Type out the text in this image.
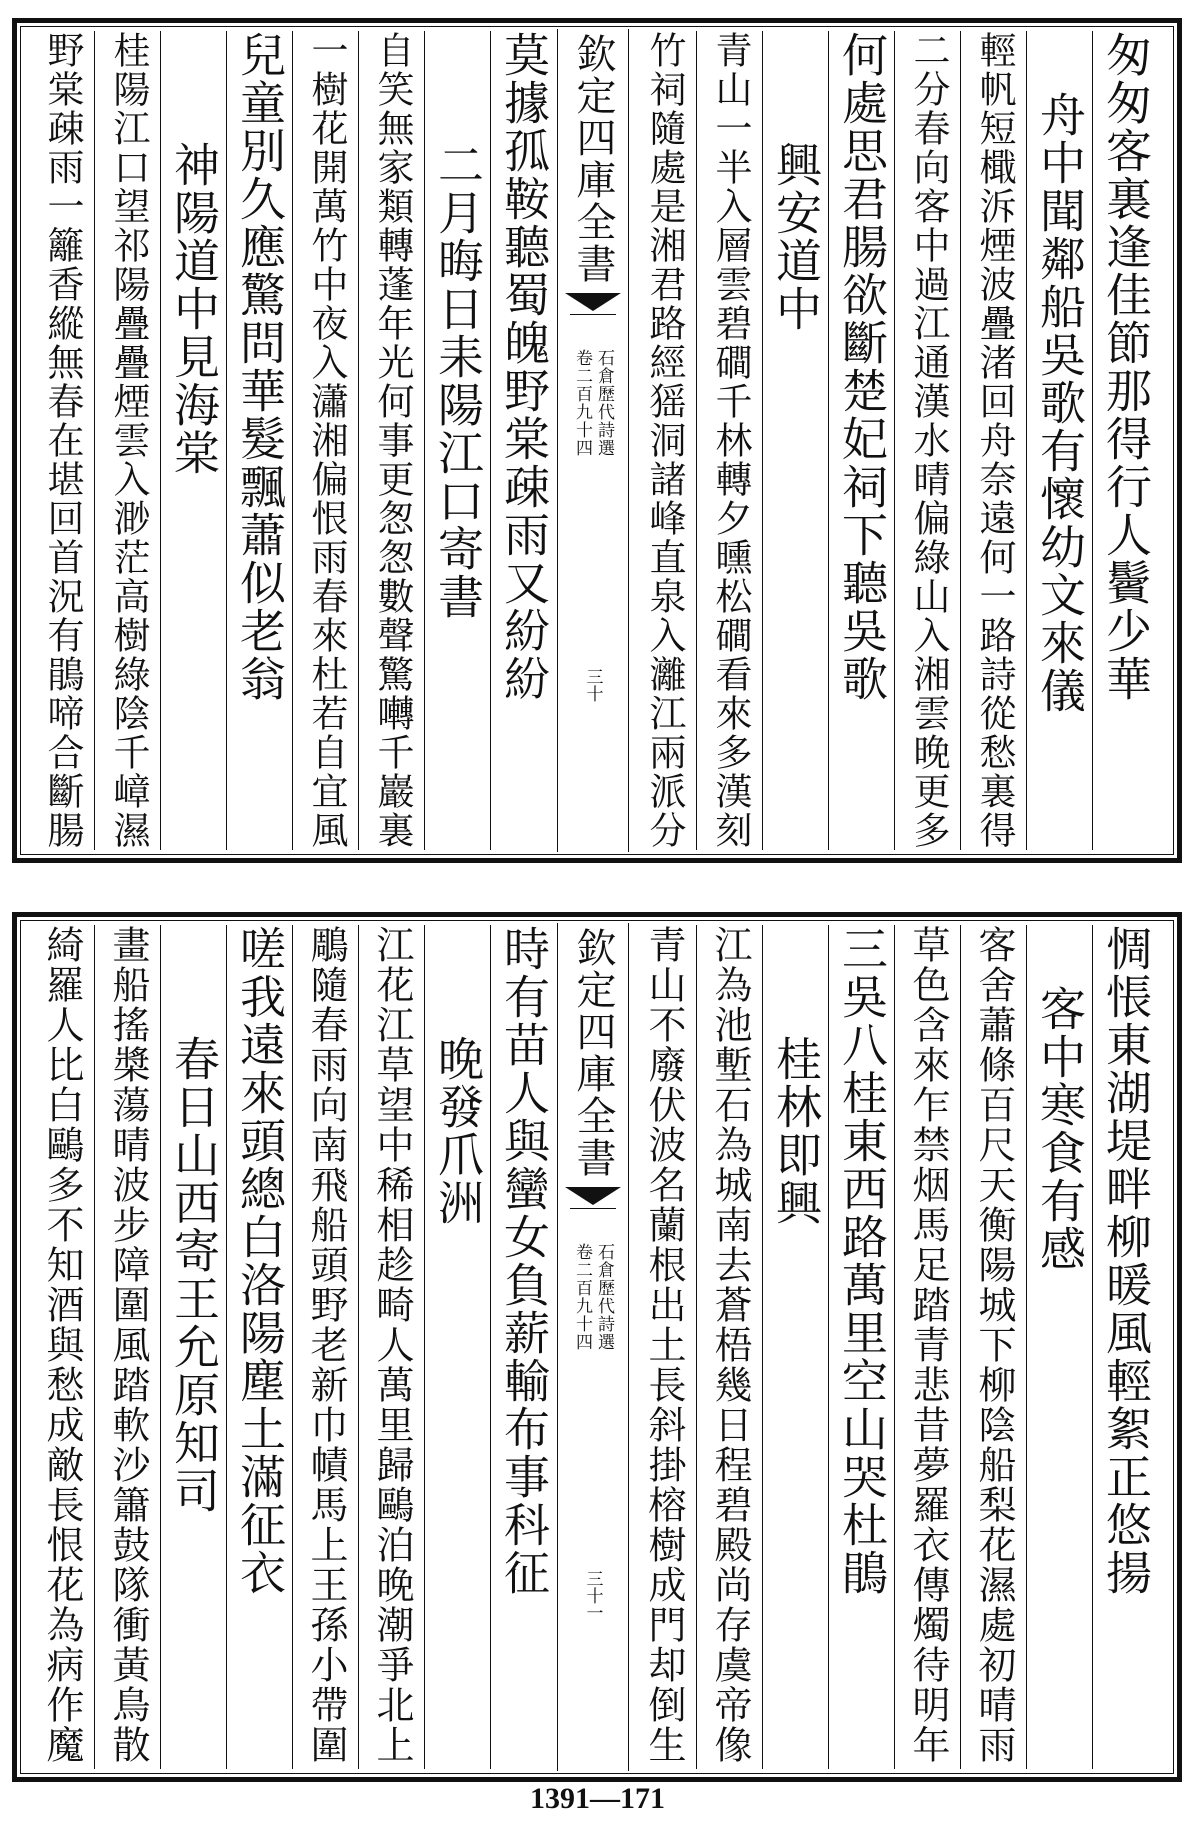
匆匆客裏逢佳節那得行人鬢少華
舟中聞鄰船吳歌有懷幼文來儀
輕帆短檝泝煙波疊渚回舟奈遠何一路詩從愁裏得
二分春向客中過江通漢水晴偏綠山入湘雲晚更多
何處思君腸欲斷楚妃祠下聽吳歌
興安道中
青山一半入層雲碧磵千林轉夕曛松磵看來多漢刻
竹祠隨處是湘君路經猺洞諸峰直泉入灕江兩派分
欽定四庫全書
石倉歷代詩選
卷二百九十四
三十
莫據孤鞍聽蜀魄野棠疎雨又紛紛
二月晦日耒陽江口寄書
自笑無家類轉蓬年光何事更怱怱數聲驚囀千巖裏
一樹花開萬竹中夜入瀟湘偏恨雨春來杜若自宜風
兒童別久應驚問華髮飄蕭似老翁
神陽道中見海棠
桂陽江口望祁陽疊疊煙雲入渺茫高樹綠陰千嶂濕
野棠疎雨一籬香縱無春在堪回首況有鵑啼合斷腸
惆悵東湖堤畔柳暖風輕絮正悠揚
客中寒食有感
客舍蕭條百尺天衡陽城下柳陰船梨花濕處初晴雨
草色含來乍禁烟馬足踏青悲昔夢羅衣傳燭待明年
三吳八桂東西路萬里空山哭杜鵑
桂林即興
江為池塹石為城南去蒼梧幾日程碧殿尚存虞帝像
青山不廢伏波名蘭根出土長斜掛榕樹成門却倒生
欽定四庫全書
石倉歷代詩選
卷二百九十四
三十一
時有苗人與蠻女負薪輸布事科征
晚發爪洲
江花江草望中稀相趁畸人萬里歸鷗泊晚潮爭北上
鵰隨春雨向南飛船頭野老新巾幘馬上王孫小帶圍
嗟我遠來頭總白洛陽塵土滿征衣
春日山西寄王允原知司
畫船搖槳蕩晴波步障圍風踏軟沙簫鼓隊衝黃鳥散
綺羅人比白鷗多不知酒與愁成敵長恨花為病作魔
1391—171
